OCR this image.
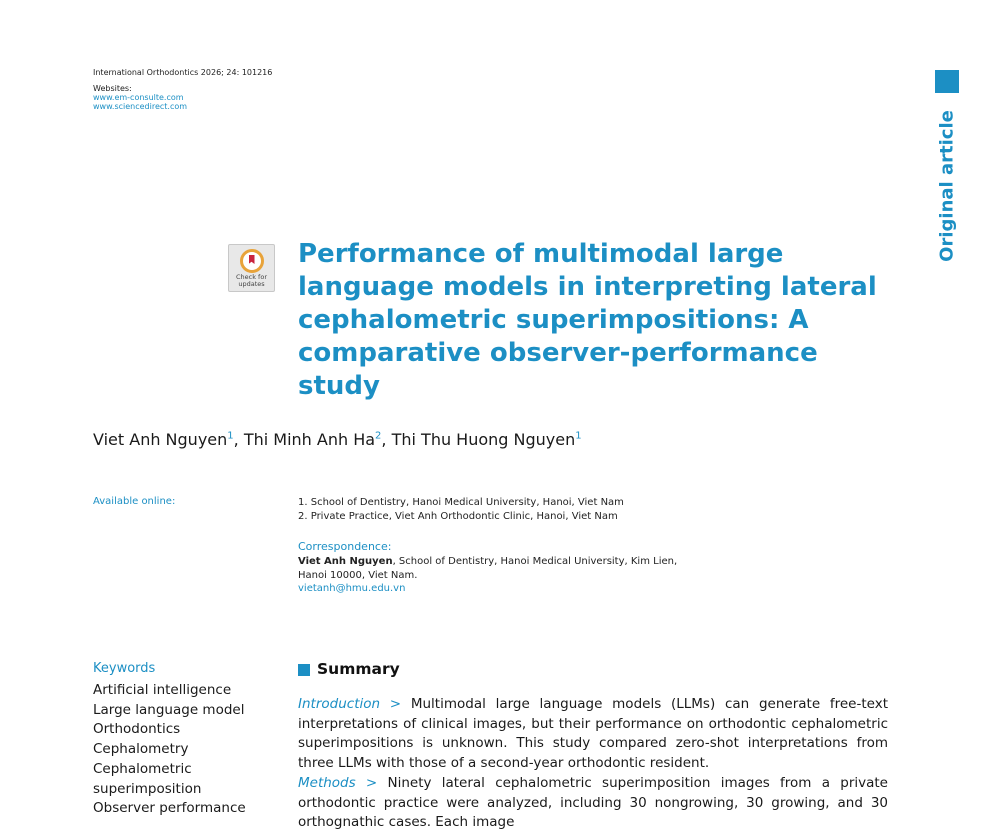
International Orthodontics 2026; 24: 101216
Websites:
www.em-consulte.com
www.sciencedirect.com
Original article
Check for
updates
Performance of multimodal large language models in interpreting lateral cephalometric superimpositions: A comparative observer-performance study
Viet Anh Nguyen$^1$, Thi Minh Anh Ha$^2$, Thi Thu Huong Nguyen$^1$
Available online:	1. School of Dentistry, Hanoi Medical University, Hanoi, Viet Nam
2. Private Practice, Viet Anh Orthodontic Clinic, Hanoi, Viet Nam
Correspondence:
Viet Anh Nguyen, School of Dentistry, Hanoi Medical University, Kim Lien, Hanoi 10000, Viet Nam.
vietanh@hmu.edu.vn
Keywords
Artificial intelligence
Large language model
Orthodontics
Cephalometry
Cephalometric superimposition
Observer performance
Summary

Introduction > Multimodal large language models (LLMs) can generate free-text interpretations of clinical images, but their performance on orthodontic cephalometric superimpositions is unknown. This study compared zero-shot interpretations from three LLMs with those of a second-year orthodontic resident.
Methods > Ninety lateral cephalometric superimposition images from a private orthodontic practice were analyzed, including 30 nongrowing, 30 growing, and 30 orthognathic cases. Each image
